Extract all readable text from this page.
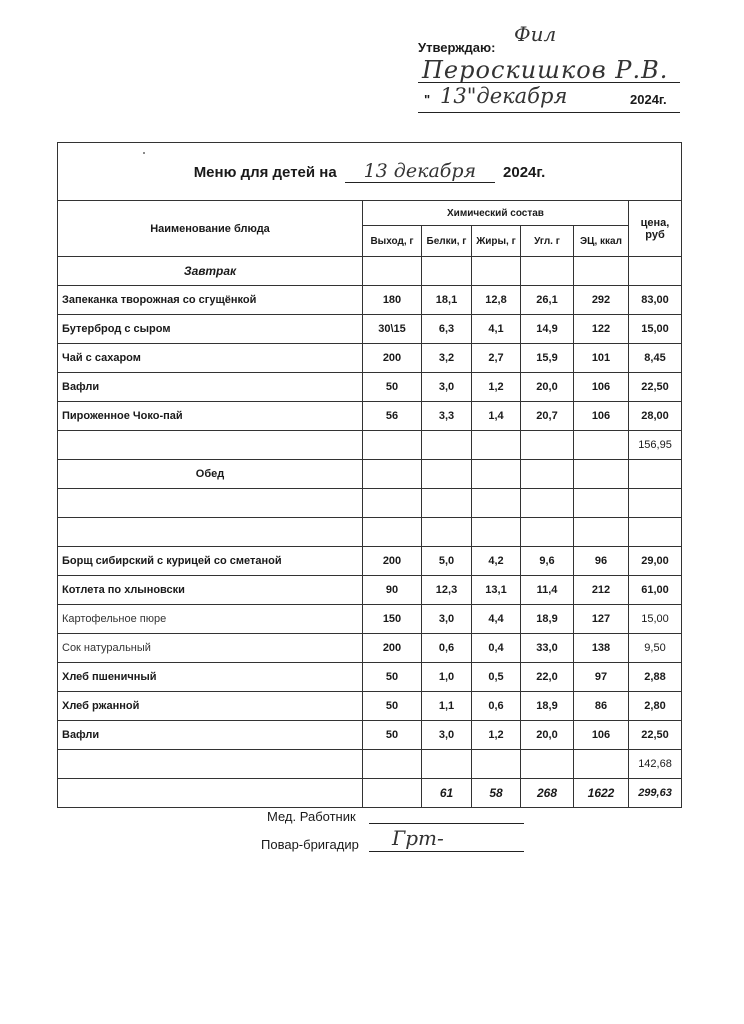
Утверждаю:
Фил
Пероскишков Р.В.
" 13"декабря	2024г.
Меню для детей на 13 декабря 2024г.						
Наименование блюда	Химический состав					цена, руб
	Выход, г	Белки, г	Жиры, г	Угл. г	ЭЦ, ккал	
Завтрак						
Запеканка творожная со сгущёнкой	180	18,1	12,8	26,1	292	83,00
Бутерброд с сыром	30\15	6,3	4,1	14,9	122	15,00
Чай с сахаром	200	3,2	2,7	15,9	101	8,45
Вафли	50	3,0	1,2	20,0	106	22,50
Пироженное Чоко-пай	56	3,3	1,4	20,7	106	28,00
						156,95
Обед						

Борщ сибирский с курицей со сметаной	200	5,0	4,2	9,6	96	29,00
Котлета по хлыновски	90	12,3	13,1	11,4	212	61,00
Картофельное пюре	150	3,0	4,4	18,9	127	15,00
Сок натуральный	200	0,6	0,4	33,0	138	9,50
Хлеб пшеничный	50	1,0	0,5	22,0	97	2,88
Хлеб ржанной	50	1,1	0,6	18,9	86	2,80
Вафли	50	3,0	1,2	20,0	106	22,50
						142,68
		61	58	268	1622	299,63
Мед. Работник
Повар-бригадир Грт-
